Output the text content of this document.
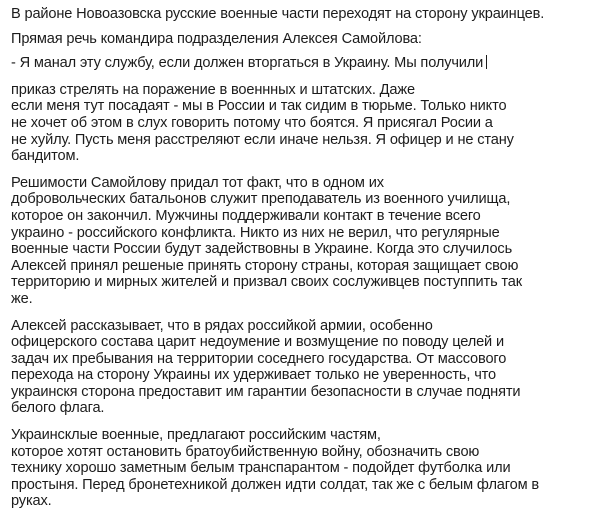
В районе Новоазовска русские военные части переходят на сторону украинцев.
Прямая речь командира подразделения Алексея Самойлова:
- Я манал эту службу, если должен вторгаться в Украину. Мы получили
приказ стрелять на поражение в военнных и штатских. Даже
если меня тут посадаят - мы в России и так сидим в тюрьме. Только никто
не хочет об этом в слух говорить потому что боятся. Я присягал Росии а
не хуйлу. Пусть меня расстреляют если иначе нельзя. Я офицер и не стану
бандитом.
Решимости Самойлову придал тот факт, что в одном их
добровольческих батальонов служит преподаватель из военного училища,
которое он закончил. Мужчины поддерживали контакт в течение всего
украино - российского конфликта. Никто из них не верил, что регулярные
военные части России будут задействовны в Украине. Когда это случилось
Алексей принял решеные принять сторону страны, которая защищает свою
территорию и мирных жителей и призвал своих сослуживцев поступпить так
же.
Алексей рассказывает, что в рядах российкой армии, особенно
офицерского состава царит недоумение и возмущение по поводу целей и
задач их пребывания на территории соседнего государства. От массового
перехода на сторону Украины их удерживает только не уверенность, что
украинскя сторона предоставит им гарантии безопасности в случае подняти
белого флага.
Украинсклые военные, предлагают российским частям,
которое хотят остановить братоубийственную войну, обозначить свою
технику хорошо заметным белым транспарантом - подойдет футболка или
простыня. Перед бронетехникой должен идти солдат, так же с белым флагом в
руках.
